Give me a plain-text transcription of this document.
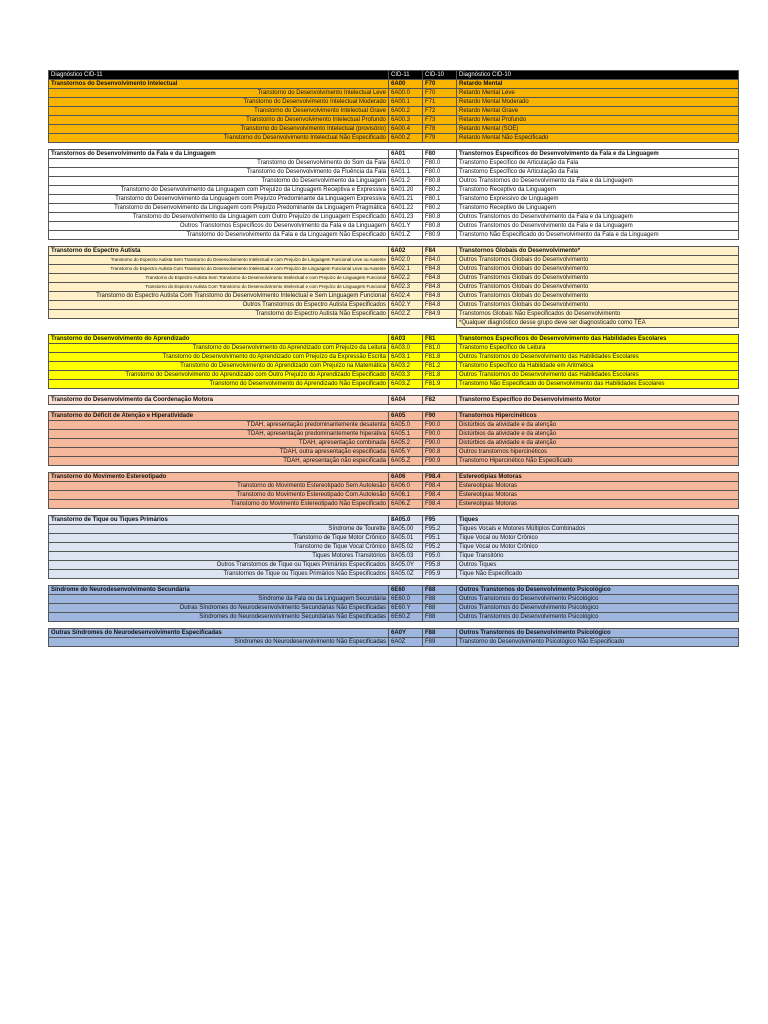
Diagnóstico CID-11	CID-11	CID-10	Diagnóstico CID-10
Transtornos do Desenvolvimento Intelectual	6A00	F70	Retardo Mental
Transtorno do Desenvolvimento Intelectual Leve	6A00.0	F70	Retardo Mental Leve
Transtorno do Desenvolvimento Intelectual Moderado	6A00.1	F71	Retardo Mental Moderado
Transtorno do Desenvolvimento Intelectual Grave	6A00.2	F72	Retardo Mental Grave
Transtorno do Desenvolvimento Intelectual Profundo	6A00.3	F73	Retardo Mental Profundo
Transtorno do Desenvolvimento Intelectual (provisório)	6A00.4	F78	Retardo Mental (SOE)
Transtorno do Desenvolvimento Intelectual Não Especificado	6A00.Z	F79	Retardo Mental Não Especificado

Transtornos do Desenvolvimento da Fala e da Linguagem	6A01	F80	Transtornos Específicos do Desenvolvimento da Fala e da Linguagem
Transtorno do Desenvolvimento do Som da Fala	6A01.0	F80.0	Transtorno Específico de Articulação da Fala
Transtorno do Desenvolvimento da Fluência da Fala	6A01.1	F80.0	Transtorno Específico de Articulação da Fala
Transtorno do Desenvolvimento da Linguagem	6A01.2	F80.8	Outros Transtornos do Desenvolvimento da Fala e da Linguagem
Transtorno do Desenvolvimento da Linguagem com Prejuízo da Linguagem Receptiva e Expressiva	6A01.20	F80.2	Transtorno Receptivo da Linguagem
Transtorno do Desenvolvimento da Linguagem com Prejuízo Predominante da Linguagem Expressiva	6A01.21	F80.1	Transtorno Expressivo de Linguagem
Transtorno do Desenvolvimento da Linguagem com Prejuízo Predominante da Linguagem Pragmática	6A01.22	F80.2	Transtorno Receptivo de Linguagem
Transtorno do Desenvolvimento da Linguagem com Outro Prejuízo de Linguagem Especificado	6A01.23	F80.8	Outros Transtornos do Desenvolvimento da Fala e da Linguagem
Outros Transtornos Específicos do Desenvolvimento da Fala e da Linguagem	6A01.Y	F80.8	Outros Transtornos do Desenvolvimento da Fala e da Linguagem
Transtorno do Desenvolvimento da Fala e da Linguagem Não Especificado	6A01.Z	F80.9	Transtorno Não Especificado do Desenvolvimento da Fala e da Linguagem

Transtorno do Espectro Autista	6A02	F84	Transtornos Globais do Desenvolvimento*
Transtorno do Espectro Autista Sem Transtorno do Desenvolvimento Intelectual e com Prejuízo de Linguagem Funcional Leve ou Ausente	6A02.0	F84.0	Outros Transtornos Globais do Desenvolvimento
Transtorno do Espectro Autista Com Transtorno do Desenvolvimento Intelectual e com Prejuízo de Linguagem Funcional Leve ou Ausente	6A02.1	F84.8	Outros Transtornos Globais do Desenvolvimento
Transtorno do Espectro Autista Sem Transtorno do Desenvolvimento Intelectual e com Prejuízo de Linguagem Funcional	6A02.2	F84.8	Outros Transtornos Globais do Desenvolvimento
Transtorno do Espectro Autista Com Transtorno do Desenvolvimento Intelectual e com Prejuízo de Linguagem Funcional	6A02.3	F84.8	Outros Transtornos Globais do Desenvolvimento
Transtorno do Espectro Autista Com Transtorno do Desenvolvimento Intelectual e Sem Linguagem Funcional	6A02.4	F84.8	Outros Transtornos Globais do Desenvolvimento
Outros Transtornos do Espectro Autista Especificados	6A02.Y	F84.8	Outros Transtornos Globais do Desenvolvimento
Transtorno do Espectro Autista Não Especificado	6A02.Z	F84.9	Transtornos Globais Não Especificados do Desenvolvimento
			*Qualquer diagnóstico desse grupo deve ser diagnosticado como TEA

Transtorno do Desenvolvimento do Aprendizado	6A03	F81	Transtornos Específicos do Desenvolvimento das Habilidades Escolares
Transtorno do Desenvolvimento do Aprendizado com Prejuízo da Leitura	6A03.0	F81.0	Transtorno Específico de Leitura
Transtorno do Desenvolvimento do Aprendizado com Prejuízo da Expressão Escrita	6A03.1	F81.8	Outros Transtornos do Desenvolvimento das Habilidades Escolares
Transtorno do Desenvolvimento do Aprendizado com Prejuízo na Matemática	6A03.2	F81.2	Transtorno Específico da Habilidade em Aritmética
Transtorno do Desenvolvimento do Aprendizado com Outro Prejuízo do Aprendizado Especificado	6A03.3	F81.8	Outros Transtornos do Desenvolvimento das Habilidades Escolares
Transtorno do Desenvolvimento do Aprendizado Não Especificado	6A03.Z	F81.9	Transtorno Não Especificado do Desenvolvimento das Habilidades Escolares

Transtorno do Desenvolvimento da Coordenação Motora	6A04	F82	Transtorno Específico do Desenvolvimento Motor

Transtorno do Déficit de Atenção e Hiperatividade	6A05	F90	Transtornos Hipercinéticos
TDAH, apresentação predominantemente desatenta	6A05.0	F90.0	Distúrbios da atividade e da atenção
TDAH, apresentação predominantemente hiperativa	6A05.1	F90.0	Distúrbios da atividade e da atenção
TDAH, apresentação combinada	6A05.2	F90.0	Distúrbios da atividade e da atenção
TDAH, outra apresentação especificada	6A05.Y	F90.8	Outros transtornos hipercinéticos
TDAH, apresentação não especificada	6A05.Z	F90.9	Transtorno Hipercinético Não Especificado

Transtorno do Movimento Estereotipado	6A06	F98.4	Estereotipias Motoras
Transtorno do Movimento Estereotipado Sem Autolesão	6A06.0	F98.4	Estereotipias Motoras
Transtorno do Movimento Estereotipado Com Autolesão	6A06.1	F98.4	Estereotipias Motoras
Transtorno do Movimento Estereotipado Não Especificado	6A06.Z	F98.4	Estereotipias Motoras

Transtorno de Tique ou Tiques Primários	8A05.0	F95	Tiques
Síndrome de Tourette	8A05.00	F95.2	Tiques Vocais e Motores Múltiplos Combinados
Transtorno de Tique Motor Crônico	8A05.01	F95.1	Tique Vocal ou Motor Crônico
Transtorno de Tique Vocal Crônico	8A05.02	F95.2	Tique Vocal ou Motor Crônico
Tiques Motores Transitórios	8A05.03	F95.0	Tique Transitório
Outros Transtornos de Tique ou Tiques Primários Especificados	8A05.0Y	F95.8	Outros Tiques
Transtornos de Tique ou Tiques Primários Não Especificados	8A05.0Z	F95.9	Tique Não Especificado

Síndrome do Neurodesenvolvimento Secundária	6E60	F88	Outros Transtornos do Desenvolvimento Psicológico
Síndrome da Fala ou da Linguagem Secundária	6E60.0	F88	Outros Transtornos do Desenvolvimento Psicológico
Outras Síndromes do Neurodesenvolvimento Secundárias Não Especificadas	6E60.Y	F88	Outros Transtornos do Desenvolvimento Psicológico
Síndromes do Neurodesenvolvimento Secundárias Não Especificadas	6E60.Z	F88	Outros Transtornos do Desenvolvimento Psicológico

Outras Síndromes do Neurodesenvolvimento Especificadas	6A0Y	F88	Outros Transtornos do Desenvolvimento Psicológico
Síndromes do Neurodesenvolvimento Não Especificadas	6A0Z	F89	Transtorno do Desenvolvimento Psicológico Não Especificado
